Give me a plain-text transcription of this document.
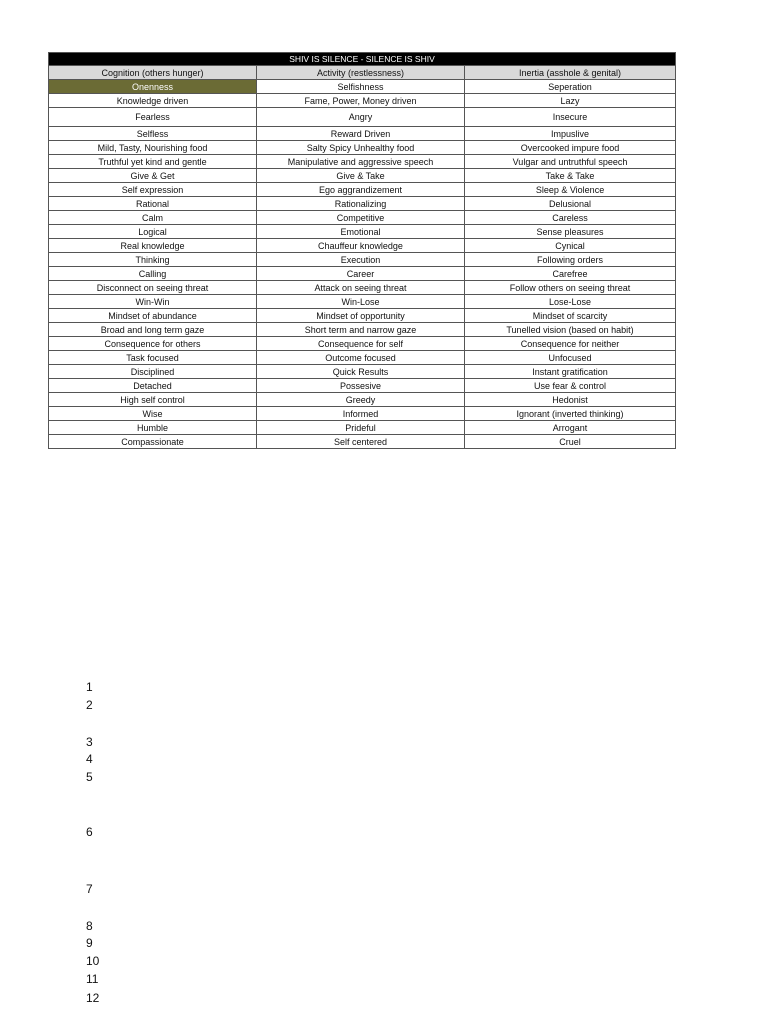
SHIV IS SILENCE - SILENCE IS SHIV		
Cognition (others hunger)	Activity (restlessness)	Inertia (asshole & genital)
Onenness	Selfishness	Seperation
Knowledge driven	Fame, Power, Money driven	Lazy
Fearless	Angry	Insecure
Selfless	Reward Driven	Impuslive
Mild, Tasty, Nourishing food	Salty Spicy Unhealthy food	Overcooked impure food
Truthful yet kind and gentle	Manipulative and aggressive speech	Vulgar and untruthful speech
Give & Get	Give & Take	Take & Take
Self expression	Ego aggrandizement	Sleep & Violence
Rational	Rationalizing	Delusional
Calm	Competitive	Careless
Logical	Emotional	Sense pleasures
Real knowledge	Chauffeur knowledge	Cynical
Thinking	Execution	Following orders
Calling	Career	Carefree
Disconnect on seeing threat	Attack on seeing threat	Follow others on seeing threat
Win-Win	Win-Lose	Lose-Lose
Mindset of abundance	Mindset of opportunity	Mindset of scarcity
Broad and long term gaze	Short term and narrow gaze	Tunelled vision (based on habit)
Consequence for others	Consequence for self	Consequence for neither
Task focused	Outcome focused	Unfocused
Disciplined	Quick Results	Instant gratification
Detached	Possesive	Use fear & control
High self control	Greedy	Hedonist
Wise	Informed	Ignorant (inverted thinking)
Humble	Prideful	Arrogant
Compassionate	Self centered	Cruel
1
2
3
4
5
6
7
8
9
10
11
12
